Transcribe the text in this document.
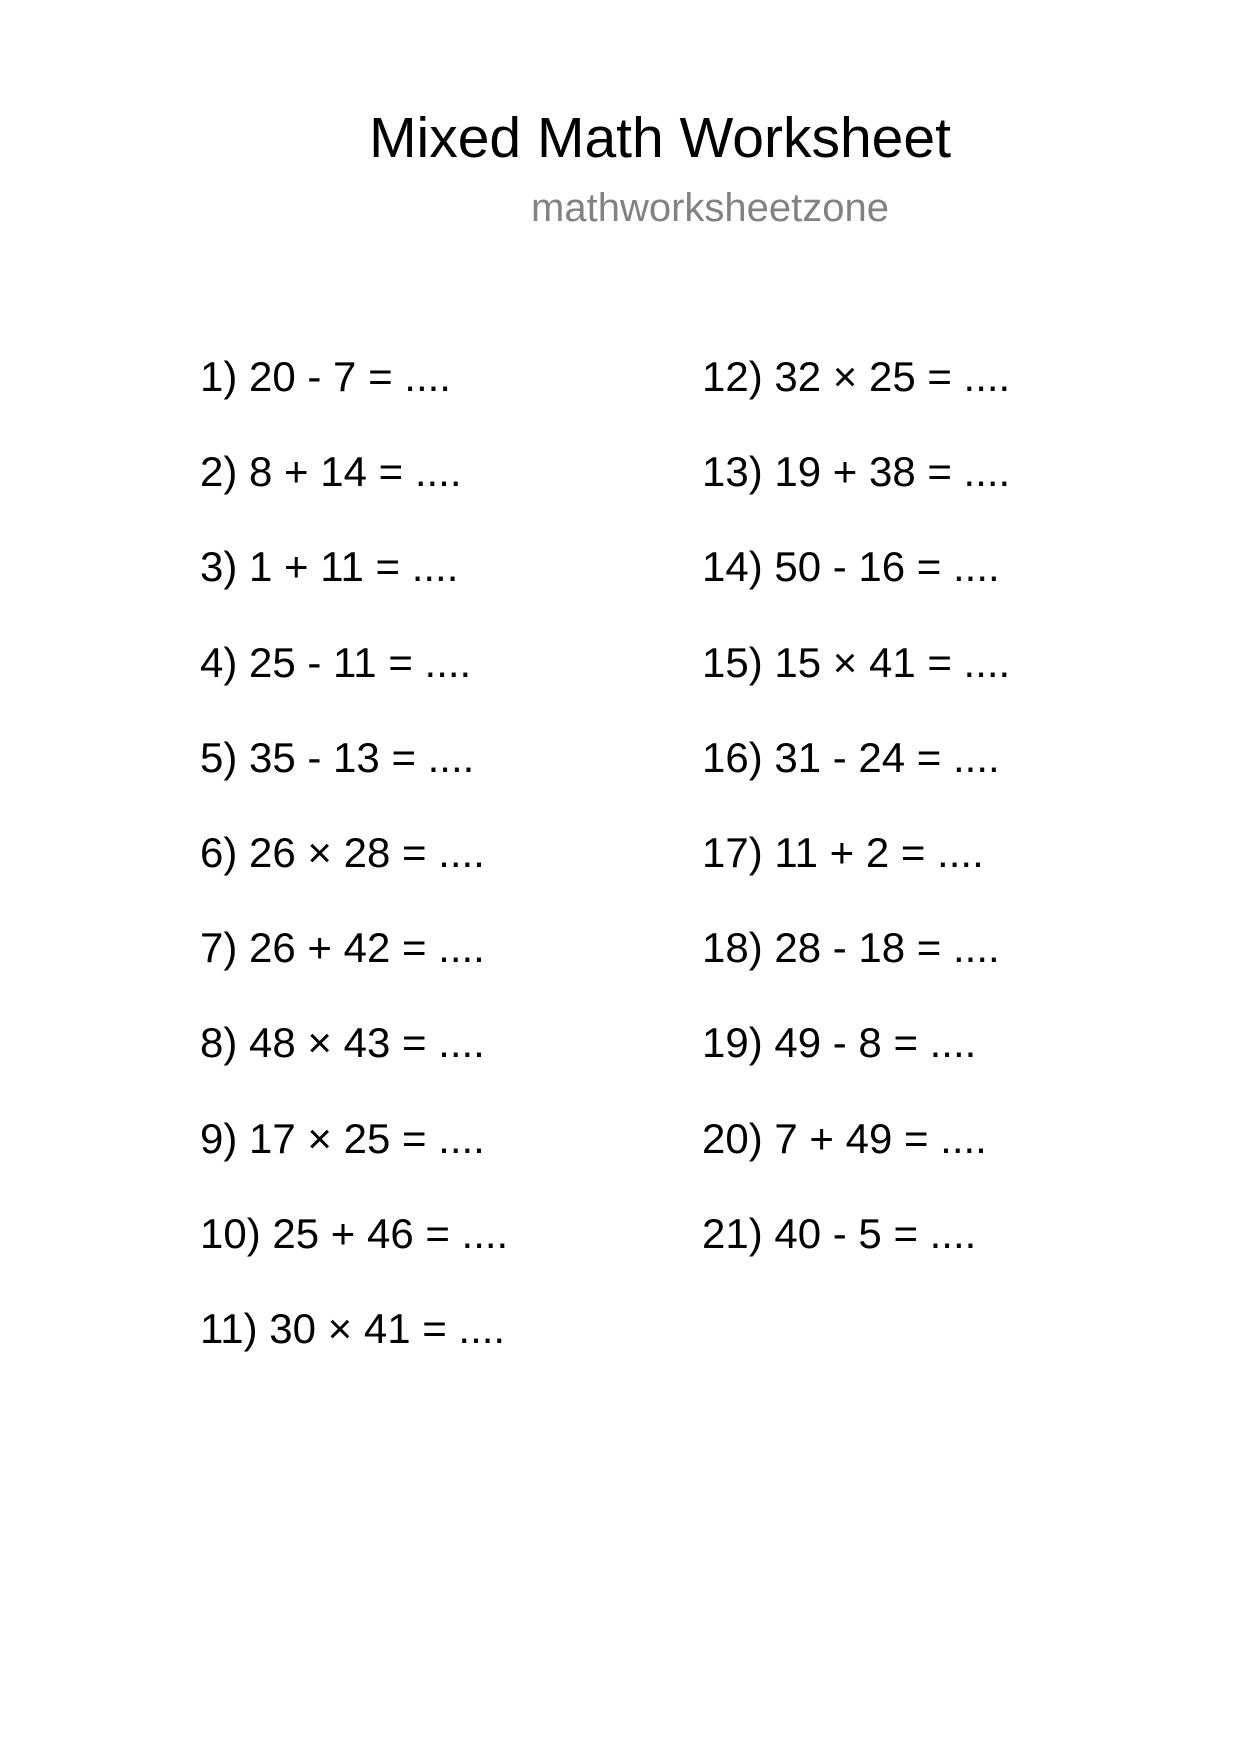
Mixed Math Worksheet
mathworksheetzone
1) 20 - 7 = ....
2) 8 + 14 = ....
3) 1 + 11 = ....
4) 25 - 11 = ....
5) 35 - 13 = ....
6) 26 × 28 = ....
7) 26 + 42 = ....
8) 48 × 43 = ....
9) 17 × 25 = ....
10) 25 + 46 = ....
11) 30 × 41 = ....
12) 32 × 25 = ....
13) 19 + 38 = ....
14) 50 - 16 = ....
15) 15 × 41 = ....
16) 31 - 24 = ....
17) 11 + 2 = ....
18) 28 - 18 = ....
19) 49 - 8 = ....
20) 7 + 49 = ....
21) 40 - 5 = ....
